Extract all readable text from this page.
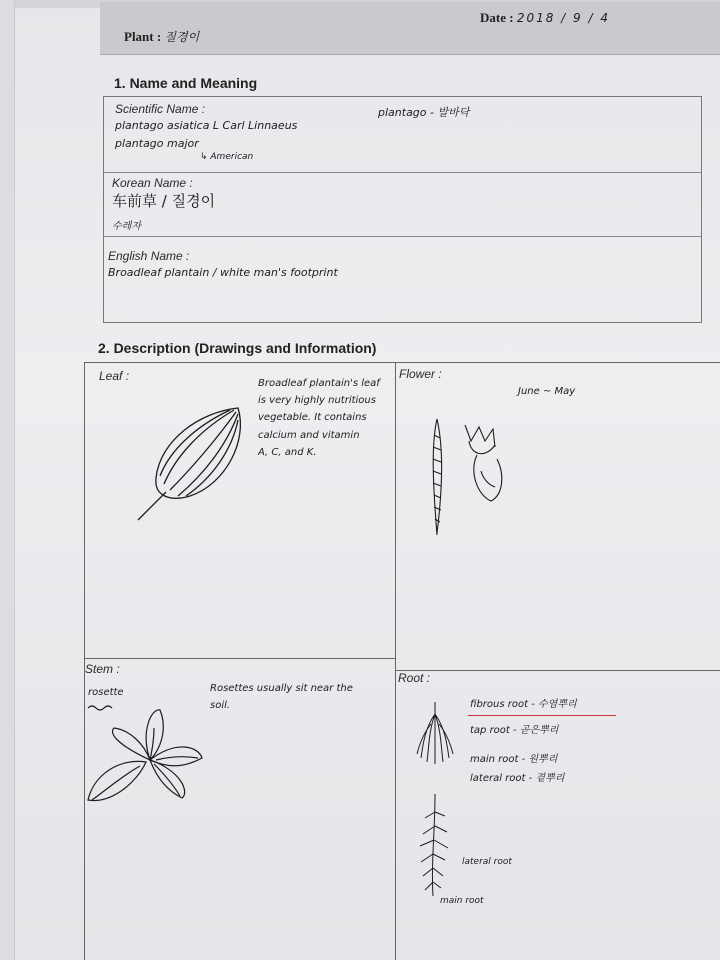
Plant : 질경이
Date : 2018 / 9 / 4
1. Name and Meaning
Scientific Name :
plantago asiatica L Carl Linnaeus
plantago major
↳ American
plantago - 발바닥
Korean Name :
车前草 / 질경이
수레자
English Name :
Broadleaf plantain / white man's footprint
2. Description (Drawings and Information)
Leaf :
Broadleaf plantain's leaf
is very highly nutritious
vegetable. It contains
calcium and vitamin
A, C, and K.
Flower :
June ~ May
Stem :
rosette	Rosettes usually sit near the
soil.
Root :
fibrous root - 수염뿌리
tap root - 곧은뿌리
main root - 원뿌리
lateral root - 곁뿌리
lateral root
main root
